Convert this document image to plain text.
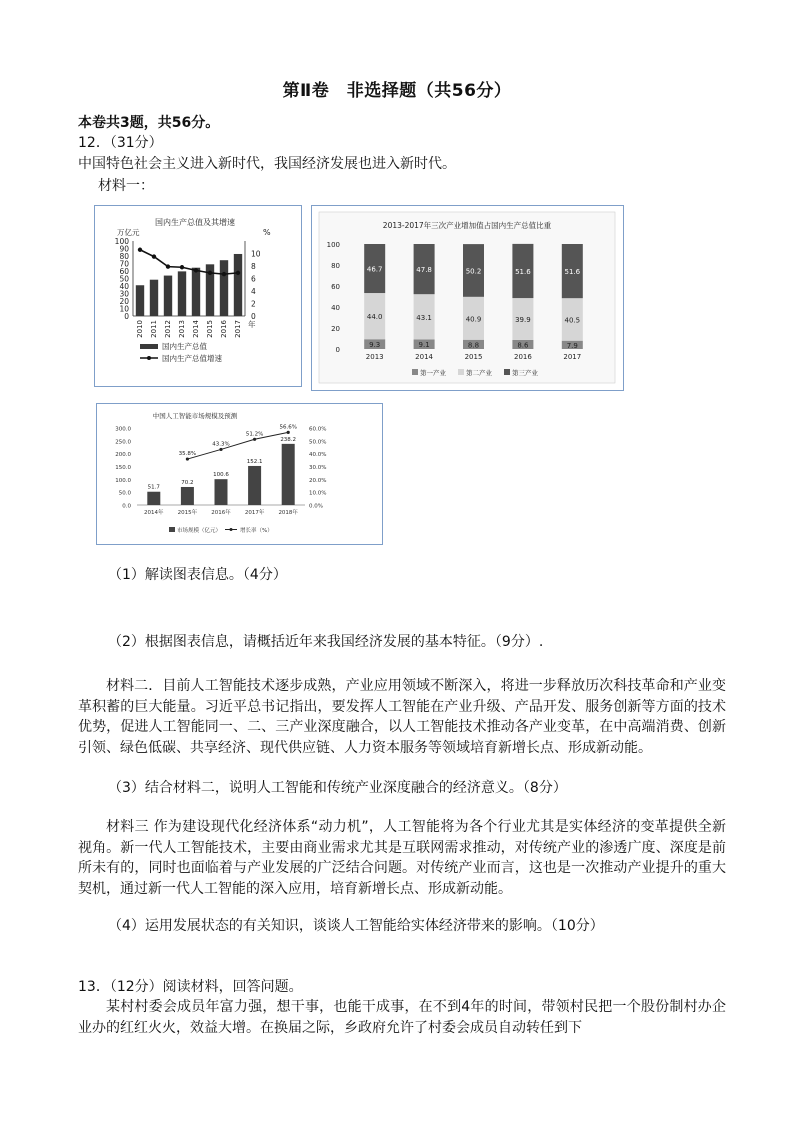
第Ⅱ卷　非选择题（共56分）
本卷共3题，共56分。
12．（31分）
中国特色社会主义进入新时代，我国经济发展也进入新时代。
材料一：
国内生产总值及其增速
万亿元	%
0
10
20
30
40
50
60
70
80
90
100
0
2
4
6
8
10
2010 2011 2012 2013 2014 2015 2016 2017 年
国内生产总值
国内生产总值增速
2013-2017年三次产业增加值占国内生产总值比重
0
20
40
60
80
100
9.3
44.0
46.7
2013
9.1
43.1
47.8
2014
8.8
40.9
50.2
2015
8.6
39.9
51.6
2016
7.9
40.5
51.6
2017
第一产业	第二产业	第三产业
中国人工智能市场规模及预测
0.0
50.0
100.0
150.0
200.0
250.0
300.0
0.0%
10.0%
20.0%
30.0%
40.0%
50.0%
60.0%
51.7
70.2
100.6
152.1
238.2
2014年	2015年	2016年	2017年	2018年
35.8%
43.3%
51.2%
56.6%
市场规模（亿元）	增长率（%）
（1）解读图表信息。（4分）
（2）根据图表信息，请概括近年来我国经济发展的基本特征。（9分）.
材料二．目前人工智能技术逐步成熟，产业应用领域不断深入，将进一步释放历次科技革命和产业变革积蓄的巨大能量。习近平总书记指出，要发挥人工智能在产业升级、产品开发、服务创新等方面的技术优势，促进人工智能同一、二、三产业深度融合，以人工智能技术推动各产业变革，在中高端消费、创新引领、绿色低碳、共享经济、现代供应链、人力资本服务等领域培育新增长点、形成新动能。
（3）结合材料二，说明人工智能和传统产业深度融合的经济意义。（8分）
材料三 作为建设现代化经济体系“动力机”，人工智能将为各个行业尤其是实体经济的变革提供全新视角。新一代人工智能技术，主要由商业需求尤其是互联网需求推动，对传统产业的渗透广度、深度是前所未有的，同时也面临着与产业发展的广泛结合问题。对传统产业而言，这也是一次推动产业提升的重大契机，通过新一代人工智能的深入应用，培育新增长点、形成新动能。
（4）运用发展状态的有关知识，谈谈人工智能给实体经济带来的影响。（10分）
13．（12分）阅读材料，回答问题。
某村村委会成员年富力强，想干事，也能干成事，在不到4年的时间，带领村民把一个股份制村办企业办的红红火火，效益大增。在换届之际，乡政府允许了村委会成员自动转任到下
